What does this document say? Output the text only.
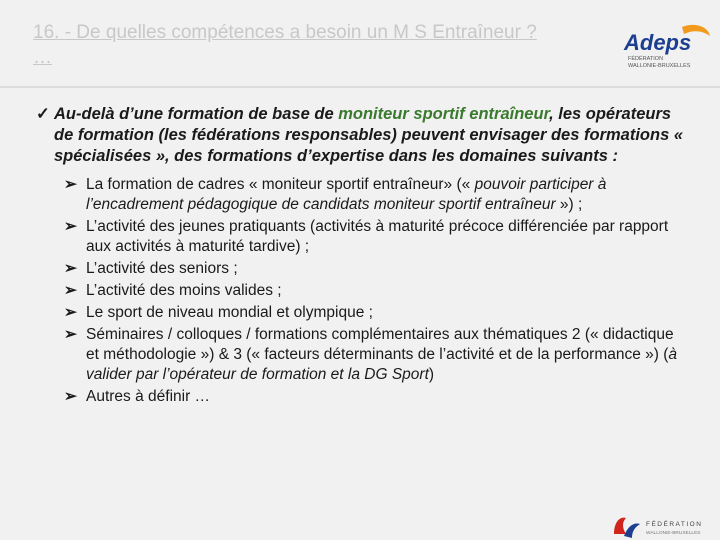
16. - De quelles compétences a besoin un M S Entraîneur ? …
Adeps
FÉDÉRATION
WALLONIE-BRUXELLES
✓ Au-delà d’une formation de base de moniteur sportif entraîneur, les opérateurs de formation (les fédérations responsables) peuvent envisager des formations « spécialisées », des formations d’expertise dans les domaines suivants :
➢ La formation de cadres « moniteur sportif entraîneur» (« pouvoir participer à l’encadrement pédagogique de candidats moniteur sportif entraîneur ») ;
➢ L’activité des jeunes pratiquants (activités à maturité précoce différenciée par rapport aux activités à maturité tardive) ;
➢ L’activité des seniors ;
➢ L’activité des moins valides ;
➢ Le sport de niveau mondial et olympique ;
➢ Séminaires / colloques / formations complémentaires aux thématiques 2 (« didactique et méthodologie ») & 3 (« facteurs déterminants de l’activité et de la performance ») (à valider par l’opérateur de formation et la DG Sport)
➢ Autres à définir …
FÉDÉRATION
WALLONIE-BRUXELLES
